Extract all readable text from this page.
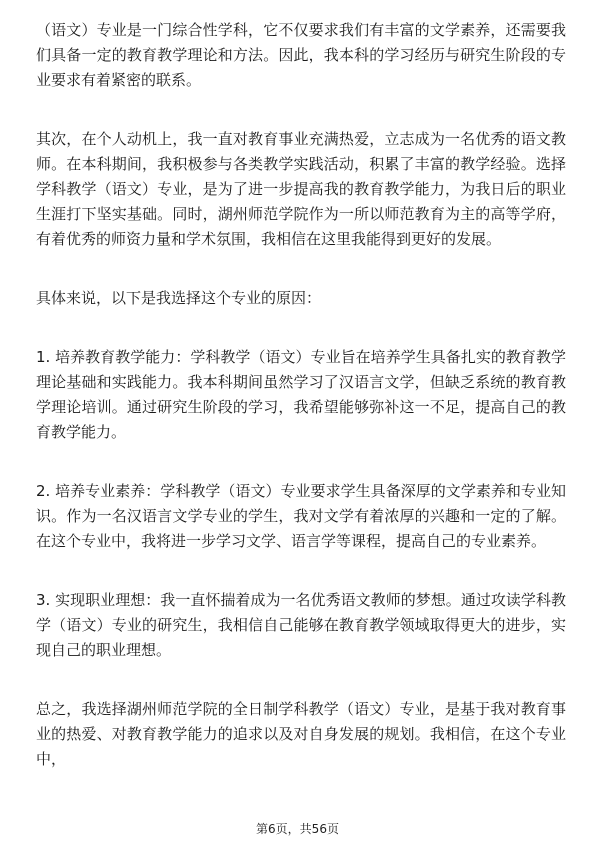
（语文）专业是一门综合性学科，它不仅要求我们有丰富的文学素养，还需要我们具备一定的教育教学理论和方法。因此，我本科的学习经历与研究生阶段的专业要求有着紧密的联系。

其次，在个人动机上，我一直对教育事业充满热爱，立志成为一名优秀的语文教师。在本科期间，我积极参与各类教学实践活动，积累了丰富的教学经验。选择学科教学（语文）专业，是为了进一步提高我的教育教学能力，为我日后的职业生涯打下坚实基础。同时，湖州师范学院作为一所以师范教育为主的高等学府，有着优秀的师资力量和学术氛围，我相信在这里我能得到更好的发展。

具体来说，以下是我选择这个专业的原因：

1. 培养教育教学能力：学科教学（语文）专业旨在培养学生具备扎实的教育教学理论基础和实践能力。我本科期间虽然学习了汉语言文学，但缺乏系统的教育教学理论培训。通过研究生阶段的学习，我希望能够弥补这一不足，提高自己的教育教学能力。

2. 培养专业素养：学科教学（语文）专业要求学生具备深厚的文学素养和专业知识。作为一名汉语言文学专业的学生，我对文学有着浓厚的兴趣和一定的了解。在这个专业中，我将进一步学习文学、语言学等课程，提高自己的专业素养。

3. 实现职业理想：我一直怀揣着成为一名优秀语文教师的梦想。通过攻读学科教学（语文）专业的研究生，我相信自己能够在教育教学领域取得更大的进步，实现自己的职业理想。

总之，我选择湖州师范学院的全日制学科教学（语文）专业，是基于我对教育事业的热爱、对教育教学能力的追求以及对自身发展的规划。我相信，在这个专业中，

第6页，共56页
